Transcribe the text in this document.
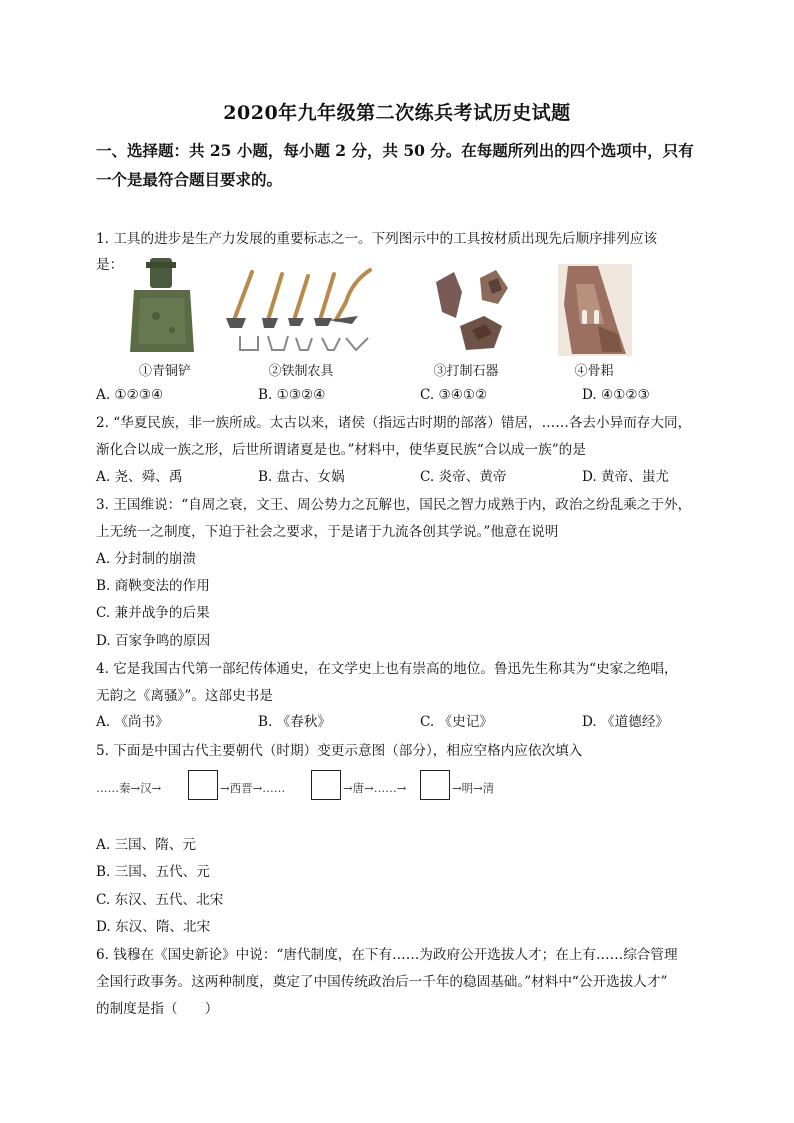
2020年九年级第二次练兵考试历史试题
一、选择题：共 25 小题，每小题 2 分，共 50 分。在每题所列出的四个选项中，只有一个是最符合题目要求的。
1. 工具的进步是生产力发展的重要标志之一。下列图示中的工具按材质出现先后顺序排列应该
是：
①青铜铲	②铁制农具	③打制石器	④骨耜
A. ①②③④	B. ①③②④	C. ③④①②	D. ④①②③
2. “华夏民族，非一族所成。太古以来，诸侯（指远古时期的部落）错居，……各去小异而存大同，
渐化合以成一族之形，后世所谓诸夏是也。”材料中，使华夏民族“合以成一族”的是
A. 尧、舜、禹	B. 盘古、女娲	C. 炎帝、黄帝	D. 黄帝、蚩尤
3. 王国维说：“自周之衰，文王、周公势力之瓦解也，国民之智力成熟于内，政治之纷乱乘之于外，
上无统一之制度，下迫于社会之要求，于是诸于九流各创其学说。”他意在说明
A. 分封制的崩溃
B. 商鞅变法的作用
C. 兼并战争的后果
D. 百家争鸣的原因
4. 它是我国古代第一部纪传体通史，在文学史上也有崇高的地位。鲁迅先生称其为“史家之绝唱，
无韵之《离骚》”。这部史书是
A. 《尚书》	B. 《春秋》	C. 《史记》	D. 《道德经》
5. 下面是中国古代主要朝代（时期）变更示意图（部分），相应空格内应依次填入
……秦→汉→	→西晋→……	→唐→……→	→明→清
A. 三国、隋、元
B. 三国、五代、元
C. 东汉、五代、北宋
D. 东汉、隋、北宋
6. 钱穆在《国史新论》中说：“唐代制度，在下有……为政府公开选拔人才；在上有……综合管理
全国行政事务。这两种制度，奠定了中国传统政治后一千年的稳固基础。”材料中“公开选拔人才”
的制度是指（　　）
